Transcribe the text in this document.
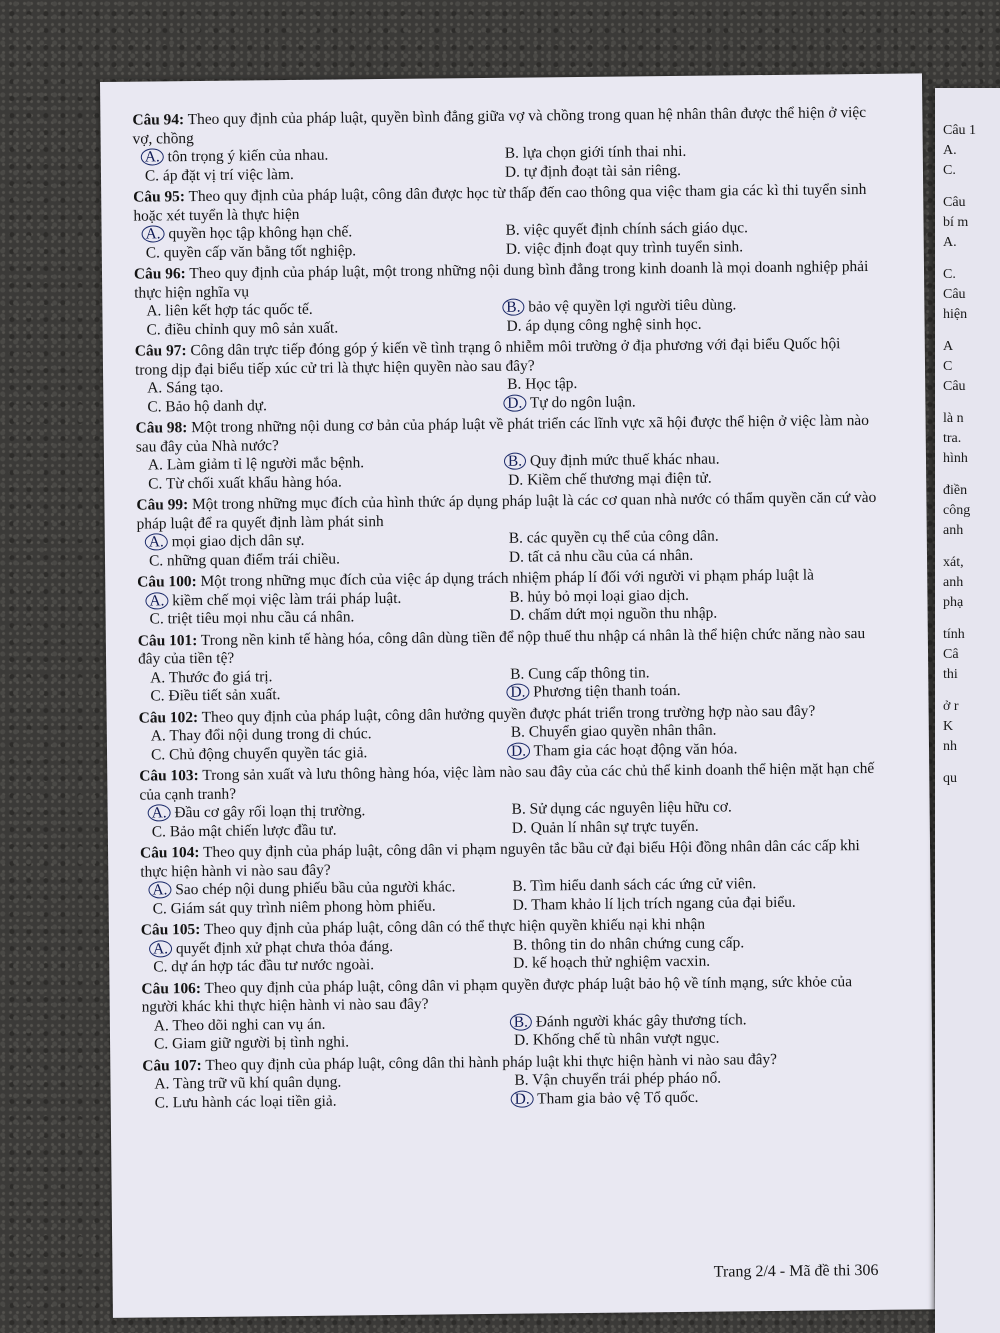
Câu 94: Theo quy định của pháp luật, quyền bình đẳng giữa vợ và chồng trong quan hệ nhân thân được thể hiện ở việc vợ, chồng

A. tôn trọng ý kiến của nhau.	B. lựa chọn giới tính thai nhi.
C. áp đặt vị trí việc làm.	D. tự định đoạt tài sản riêng.

Câu 95: Theo quy định của pháp luật, công dân được học từ thấp đến cao thông qua việc tham gia các kì thi tuyển sinh hoặc xét tuyển là thực hiện

A. quyền học tập không hạn chế.	B. việc quyết định chính sách giáo dục.
C. quyền cấp văn bằng tốt nghiệp.	D. việc định đoạt quy trình tuyển sinh.

Câu 96: Theo quy định của pháp luật, một trong những nội dung bình đẳng trong kinh doanh là mọi doanh nghiệp phải thực hiện nghĩa vụ

A. liên kết hợp tác quốc tế.	B. bảo vệ quyền lợi người tiêu dùng.
C. điều chỉnh quy mô sản xuất.	D. áp dụng công nghệ sinh học.

Câu 97: Công dân trực tiếp đóng góp ý kiến về tình trạng ô nhiễm môi trường ở địa phương với đại biểu Quốc hội trong dịp đại biểu tiếp xúc cử tri là thực hiện quyền nào sau đây?

A. Sáng tạo.	B. Học tập.
C. Bảo hộ danh dự.	D. Tự do ngôn luận.

Câu 98: Một trong những nội dung cơ bản của pháp luật về phát triển các lĩnh vực xã hội được thể hiện ở việc làm nào sau đây của Nhà nước?

A. Làm giảm tỉ lệ người mắc bệnh.	B. Quy định mức thuế khác nhau.
C. Từ chối xuất khẩu hàng hóa.	D. Kiềm chế thương mại điện tử.

Câu 99: Một trong những mục đích của hình thức áp dụng pháp luật là các cơ quan nhà nước có thẩm quyền căn cứ vào pháp luật để ra quyết định làm phát sinh

A. mọi giao dịch dân sự.	B. các quyền cụ thể của công dân.
C. những quan điểm trái chiều.	D. tất cả nhu cầu của cá nhân.

Câu 100: Một trong những mục đích của việc áp dụng trách nhiệm pháp lí đối với người vi phạm pháp luật là

A. kiềm chế mọi việc làm trái pháp luật.	B. hủy bỏ mọi loại giao dịch.
C. triệt tiêu mọi nhu cầu cá nhân.	D. chấm dứt mọi nguồn thu nhập.

Câu 101: Trong nền kinh tế hàng hóa, công dân dùng tiền để nộp thuế thu nhập cá nhân là thể hiện chức năng nào sau đây của tiền tệ?

A. Thước đo giá trị.	B. Cung cấp thông tin.
C. Điều tiết sản xuất.	D. Phương tiện thanh toán.

Câu 102: Theo quy định của pháp luật, công dân hưởng quyền được phát triển trong trường hợp nào sau đây?

A. Thay đổi nội dung trong di chúc.	B. Chuyển giao quyền nhân thân.
C. Chủ động chuyển quyền tác giả.	D. Tham gia các hoạt động văn hóa.

Câu 103: Trong sản xuất và lưu thông hàng hóa, việc làm nào sau đây của các chủ thể kinh doanh thể hiện mặt hạn chế của cạnh tranh?

A. Đầu cơ gây rối loạn thị trường.	B. Sử dụng các nguyên liệu hữu cơ.
C. Bảo mật chiến lược đầu tư.	D. Quản lí nhân sự trực tuyến.

Câu 104: Theo quy định của pháp luật, công dân vi phạm nguyên tắc bầu cử đại biểu Hội đồng nhân dân các cấp khi thực hiện hành vi nào sau đây?

A. Sao chép nội dung phiếu bầu của người khác.	B. Tìm hiểu danh sách các ứng cử viên.
C. Giám sát quy trình niêm phong hòm phiếu.	D. Tham khảo lí lịch trích ngang của đại biểu.

Câu 105: Theo quy định của pháp luật, công dân có thể thực hiện quyền khiếu nại khi nhận

A. quyết định xử phạt chưa thỏa đáng.	B. thông tin do nhân chứng cung cấp.
C. dự án hợp tác đầu tư nước ngoài.	D. kế hoạch thử nghiệm vacxin.

Câu 106: Theo quy định của pháp luật, công dân vi phạm quyền được pháp luật bảo hộ về tính mạng, sức khỏe của người khác khi thực hiện hành vi nào sau đây?

A. Theo dõi nghi can vụ án.	B. Đánh người khác gây thương tích.
C. Giam giữ người bị tình nghi.	D. Khống chế tù nhân vượt ngục.

Câu 107: Theo quy định của pháp luật, công dân thi hành pháp luật khi thực hiện hành vi nào sau đây?

A. Tàng trữ vũ khí quân dụng.	B. Vận chuyển trái phép pháo nổ.
C. Lưu hành các loại tiền giả.	D. Tham gia bảo vệ Tổ quốc.
Trang 2/4 - Mã đề thi 306
Câu 1
A.
C.
Câu
bí m
A.
C.
Câu
hiện
A
C
Câu
là n
tra.
hình
điền
công
anh
xát,
anh
phạ
tính
Câ
thi
ở r
K
nh
qu
